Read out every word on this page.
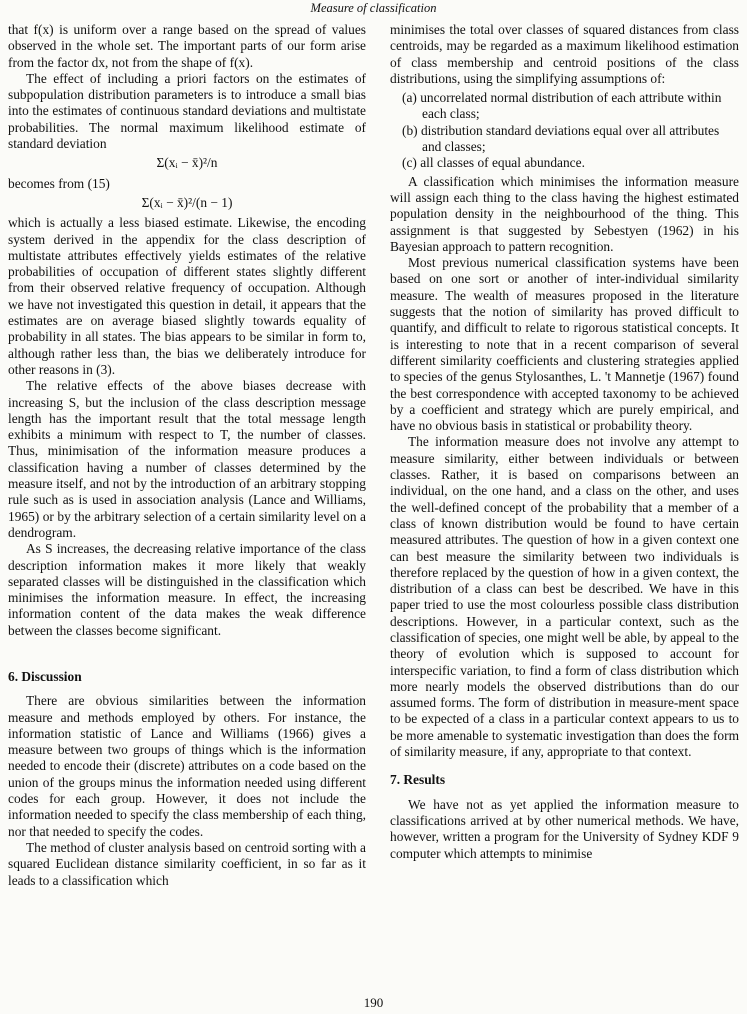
Measure of classification

that f(x) is uniform over a range based on the spread of values observed in the whole set. The important parts of our form arise from the factor dx, not from the shape of f(x).

The effect of including a priori factors on the estimates of subpopulation distribution parameters is to introduce a small bias into the estimates of continuous standard deviations and multistate probabilities. The normal maximum likelihood estimate of standard deviation

Σ(xᵢ − x̄)²/n

becomes from (15)

Σ(xᵢ − x̄)²/(n − 1)

which is actually a less biased estimate. Likewise, the encoding system derived in the appendix for the class description of multistate attributes effectively yields estimates of the relative probabilities of occupation of different states slightly different from their observed relative frequency of occupation. Although we have not investigated this question in detail, it appears that the estimates are on average biased slightly towards equality of probability in all states. The bias appears to be similar in form to, although rather less than, the bias we deliberately introduce for other reasons in (3).

The relative effects of the above biases decrease with increasing S, but the inclusion of the class description message length has the important result that the total message length exhibits a minimum with respect to T, the number of classes. Thus, minimisation of the information measure produces a classification having a number of classes determined by the measure itself, and not by the introduction of an arbitrary stopping rule such as is used in association analysis (Lance and Williams, 1965) or by the arbitrary selection of a certain similarity level on a dendrogram.

As S increases, the decreasing relative importance of the class description information makes it more likely that weakly separated classes will be distinguished in the classification which minimises the information measure. In effect, the increasing information content of the data makes the weak difference between the classes become significant.

6. Discussion

There are obvious similarities between the information measure and methods employed by others. For instance, the information statistic of Lance and Williams (1966) gives a measure between two groups of things which is the information needed to encode their (discrete) attributes on a code based on the union of the groups minus the information needed using different codes for each group. However, it does not include the information needed to specify the class membership of each thing, nor that needed to specify the codes.

The method of cluster analysis based on centroid sorting with a squared Euclidean distance similarity coefficient, in so far as it leads to a classification which

minimises the total over classes of squared distances from class centroids, may be regarded as a maximum likelihood estimation of class membership and centroid positions of the class distributions, using the simplifying assumptions of:

(a) uncorrelated normal distribution of each attribute within each class;
(b) distribution standard deviations equal over all attributes and classes;
(c) all classes of equal abundance.

A classification which minimises the information measure will assign each thing to the class having the highest estimated population density in the neighbourhood of the thing. This assignment is that suggested by Sebestyen (1962) in his Bayesian approach to pattern recognition.

Most previous numerical classification systems have been based on one sort or another of inter-individual similarity measure. The wealth of measures proposed in the literature suggests that the notion of similarity has proved difficult to quantify, and difficult to relate to rigorous statistical concepts. It is interesting to note that in a recent comparison of several different similarity coefficients and clustering strategies applied to species of the genus Stylosanthes, L. 't Mannetje (1967) found the best correspondence with accepted taxonomy to be achieved by a coefficient and strategy which are purely empirical, and have no obvious basis in statistical or probability theory.

The information measure does not involve any attempt to measure similarity, either between individuals or between classes. Rather, it is based on comparisons between an individual, on the one hand, and a class on the other, and uses the well-defined concept of the probability that a member of a class of known distribution would be found to have certain measured attributes. The question of how in a given context one can best measure the similarity between two individuals is therefore replaced by the question of how in a given context, the distribution of a class can best be described. We have in this paper tried to use the most colourless possible class distribution descriptions. However, in a particular context, such as the classification of species, one might well be able, by appeal to the theory of evolution which is supposed to account for interspecific variation, to find a form of class distribution which more nearly models the observed distributions than do our assumed forms. The form of distribution in measure-ment space to be expected of a class in a particular context appears to us to be more amenable to systematic investigation than does the form of similarity measure, if any, appropriate to that context.

7. Results

We have not as yet applied the information measure to classifications arrived at by other numerical methods. We have, however, written a program for the University of Sydney KDF 9 computer which attempts to minimise

190
